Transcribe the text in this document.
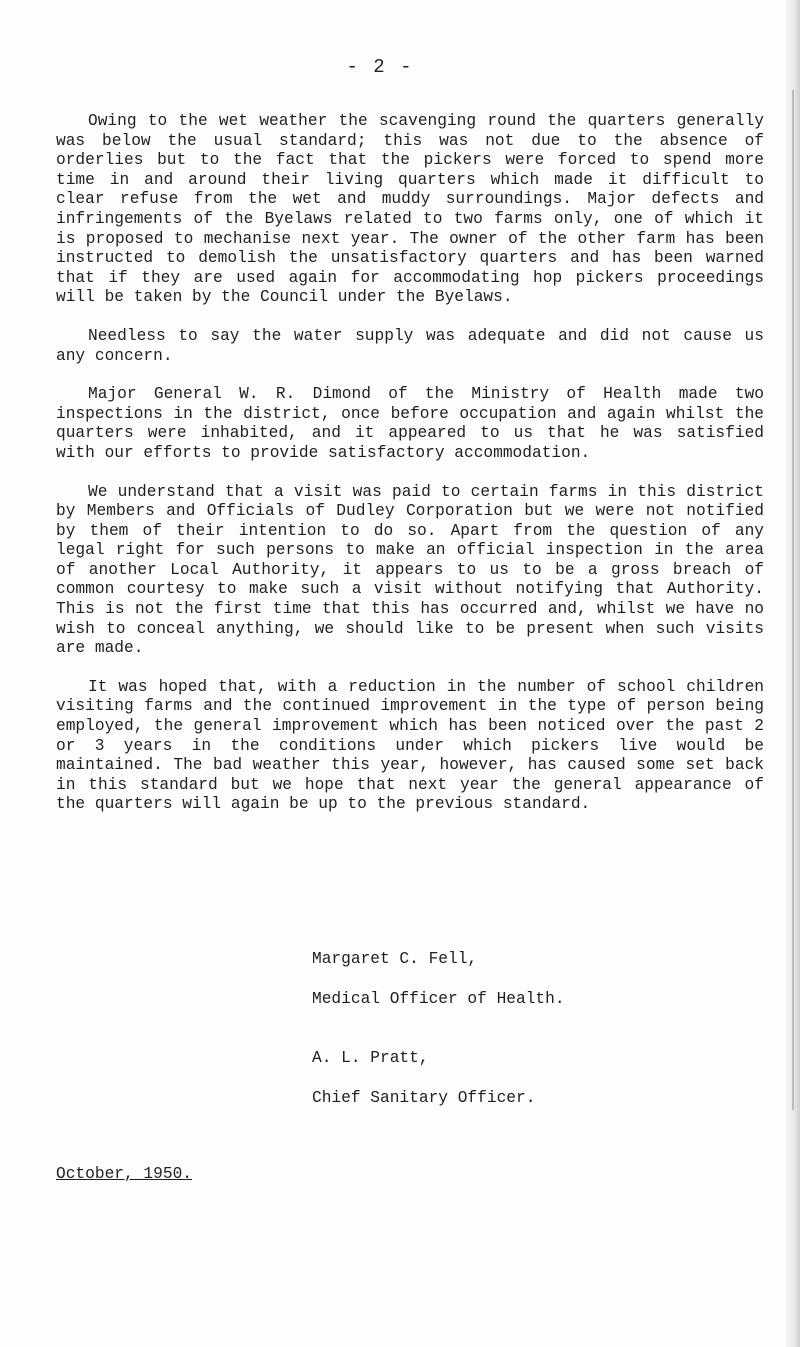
- 2 -

Owing to the wet weather the scavenging round the quarters generally was below the usual standard; this was not due to the absence of orderlies but to the fact that the pickers were forced to spend more time in and around their living quarters which made it difficult to clear refuse from the wet and muddy surroundings. Major defects and infringements of the Byelaws related to two farms only, one of which it is proposed to mechanise next year. The owner of the other farm has been instructed to demolish the unsatisfactory quarters and has been warned that if they are used again for accommodating hop pickers proceedings will be taken by the Council under the Byelaws.

Needless to say the water supply was adequate and did not cause us any concern.

Major General W. R. Dimond of the Ministry of Health made two inspections in the district, once before occupation and again whilst the quarters were inhabited, and it appeared to us that he was satisfied with our efforts to provide satisfactory accommodation.

We understand that a visit was paid to certain farms in this district by Members and Officials of Dudley Corporation but we were not notified by them of their intention to do so. Apart from the question of any legal right for such persons to make an official inspection in the area of another Local Authority, it appears to us to be a gross breach of common courtesy to make such a visit without notifying that Authority. This is not the first time that this has occurred and, whilst we have no wish to conceal anything, we should like to be present when such visits are made.

It was hoped that, with a reduction in the number of school children visiting farms and the continued improvement in the type of person being employed, the general improvement which has been noticed over the past 2 or 3 years in the conditions under which pickers live would be maintained. The bad weather this year, however, has caused some set back in this standard but we hope that next year the general appearance of the quarters will again be up to the previous standard.

Margaret C. Fell,

Medical Officer of Health.

A. L. Pratt,

Chief Sanitary Officer.

October, 1950.
